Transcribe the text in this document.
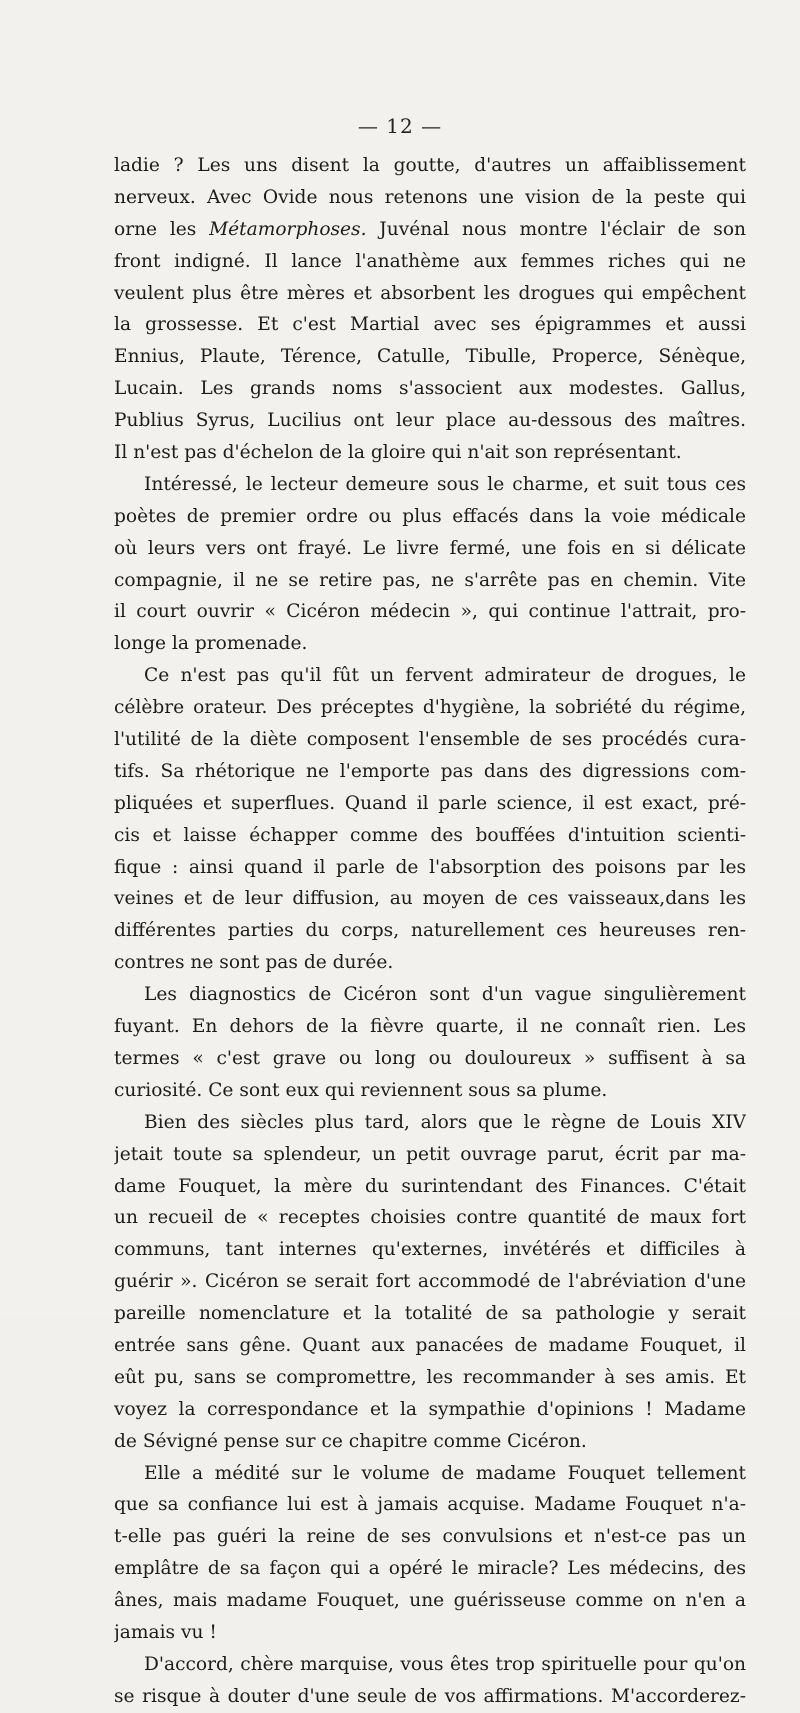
— 12 —
ladie ? Les uns disent la goutte, d'autres un affaiblissement
nerveux. Avec Ovide nous retenons une vision de la peste qui
orne les Métamorphoses. Juvénal nous montre l'éclair de son
front indigné. Il lance l'anathème aux femmes riches qui ne
veulent plus être mères et absorbent les drogues qui empêchent
la grossesse. Et c'est Martial avec ses épigrammes et aussi
Ennius, Plaute, Térence, Catulle, Tibulle, Properce, Sénèque,
Lucain. Les grands noms s'associent aux modestes. Gallus,
Publius Syrus, Lucilius ont leur place au-dessous des maîtres.
Il n'est pas d'échelon de la gloire qui n'ait son représentant.
Intéressé, le lecteur demeure sous le charme, et suit tous ces
poètes de premier ordre ou plus effacés dans la voie médicale
où leurs vers ont frayé. Le livre fermé, une fois en si délicate
compagnie, il ne se retire pas, ne s'arrête pas en chemin. Vite
il court ouvrir « Cicéron médecin », qui continue l'attrait, pro-
longe la promenade.
Ce n'est pas qu'il fût un fervent admirateur de drogues, le
célèbre orateur. Des préceptes d'hygiène, la sobriété du régime,
l'utilité de la diète composent l'ensemble de ses procédés cura-
tifs. Sa rhétorique ne l'emporte pas dans des digressions com-
pliquées et superflues. Quand il parle science, il est exact, pré-
cis et laisse échapper comme des bouffées d'intuition scienti-
fique : ainsi quand il parle de l'absorption des poisons par les
veines et de leur diffusion, au moyen de ces vaisseaux,dans les
différentes parties du corps, naturellement ces heureuses ren-
contres ne sont pas de durée.
Les diagnostics de Cicéron sont d'un vague singulièrement
fuyant. En dehors de la fièvre quarte, il ne connaît rien. Les
termes « c'est grave ou long ou douloureux » suffisent à sa
curiosité. Ce sont eux qui reviennent sous sa plume.
Bien des siècles plus tard, alors que le règne de Louis XIV
jetait toute sa splendeur, un petit ouvrage parut, écrit par ma-
dame Fouquet, la mère du surintendant des Finances. C'était
un recueil de « receptes choisies contre quantité de maux fort
communs, tant internes qu'externes, invétérés et difficiles à
guérir ». Cicéron se serait fort accommodé de l'abréviation d'une
pareille nomenclature et la totalité de sa pathologie y serait
entrée sans gêne. Quant aux panacées de madame Fouquet, il
eût pu, sans se compromettre, les recommander à ses amis. Et
voyez la correspondance et la sympathie d'opinions ! Madame
de Sévigné pense sur ce chapitre comme Cicéron.
Elle a médité sur le volume de madame Fouquet tellement
que sa confiance lui est à jamais acquise. Madame Fouquet n'a-
t-elle pas guéri la reine de ses convulsions et n'est-ce pas un
emplâtre de sa façon qui a opéré le miracle? Les médecins, des
ânes, mais madame Fouquet, une guérisseuse comme on n'en a
jamais vu !
D'accord, chère marquise, vous êtes trop spirituelle pour qu'on
se risque à douter d'une seule de vos affirmations. M'accorderez-
